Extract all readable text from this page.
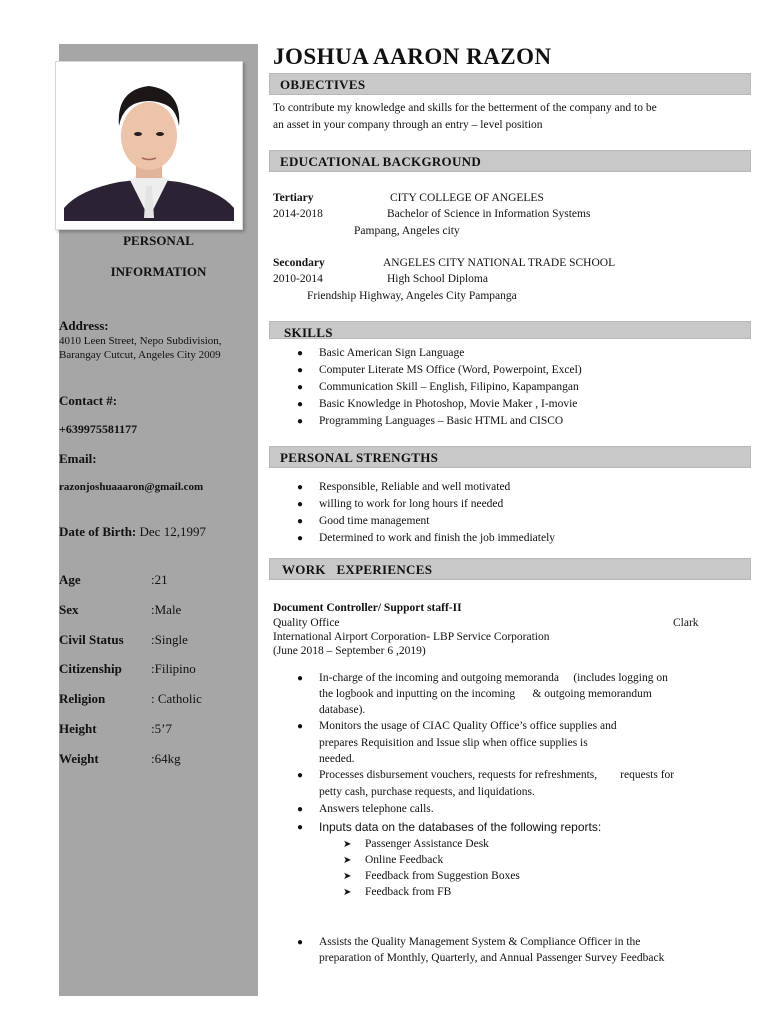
PERSONAL
INFORMATION
Address:
4010 Leen Street, Nepo Subdivision,
Barangay Cutcut, Angeles City 2009
Contact #:
+639975581177
Email:
razonjoshuaaaron@gmail.com
Date of Birth: Dec 12,1997
Age	:21
Sex	:Male
Civil Status :Single
Citizenship :Filipino
Religion	: Catholic
Height	:5’7
Weight	:64kg
JOSHUA AARON RAZON
OBJECTIVES
To contribute my knowledge and skills for the betterment of the company and to be
an asset in your company through an entry – level position
EDUCATIONAL BACKGROUND
Tertiary	CITY COLLEGE OF ANGELES
2014-2018	Bachelor of Science in Information Systems
Pampang, Angeles city
Secondary	ANGELES CITY NATIONAL TRADE SCHOOL
2010-2014	High School Diploma
Friendship Highway, Angeles City Pampanga
SKILLS
● Basic American Sign Language
● Computer Literate MS Office (Word, Powerpoint, Excel)
● Communication Skill – English, Filipino, Kapampangan
● Basic Knowledge in Photoshop, Movie Maker , I-movie
● Programming Languages – Basic HTML and CISCO
PERSONAL STRENGTHS
● Responsible, Reliable and well motivated
● willing to work for long hours if needed
● Good time management
● Determined to work and finish the job immediately
WORK   EXPERIENCES
Document Controller/ Support staff-II
Quality Office	Clark
International Airport Corporation- LBP Service Corporation
(June 2018 – September 6 ,2019)
● In-charge of the incoming and outgoing memoranda     (includes logging on
the logbook and inputting on the incoming      & outgoing memorandum
database).
● Monitors the usage of CIAC Quality Office’s office supplies and
prepares Requisition and Issue slip when office supplies is
needed.
● Processes disbursement vouchers, requests for refreshments,        requests for
petty cash, purchase requests, and liquidations.
● Answers telephone calls.
● Inputs data on the databases of the following reports:
➤ Passenger Assistance Desk
➤ Online Feedback
➤ Feedback from Suggestion Boxes
➤ Feedback from FB
● Assists the Quality Management System & Compliance Officer in the
preparation of Monthly, Quarterly, and Annual Passenger Survey Feedback
